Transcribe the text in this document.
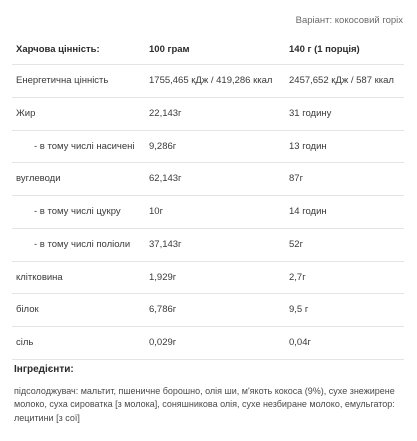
Варіант: кокосовий горіх
Харчова цінність:	100 грам	140 г (1 порція)
Енергетична цінність	1755,465 кДж / 419,286 ккал	2457,652 кДж / 587 ккал
Жир	22,143г	31 годину
- в тому числі насичені	9,286г	13 годин
вуглеводи	62,143г	87г
- в тому числі цукру	10г	14 годин
- в тому числі поліоли	37,143г	52г
клітковина	1,929г	2,7г
білок	6,786г	9,5 г
сіль	0,029г	0,04г
Інгредієнти:
підсолоджувач: мальтит, пшеничне борошно, олія ши, м'якоть кокоса (9%), сухе знежирене молоко, суха сироватка [з молока], соняшникова олія, сухе незбиране молоко, емульгатор: лецитини [з сої]
